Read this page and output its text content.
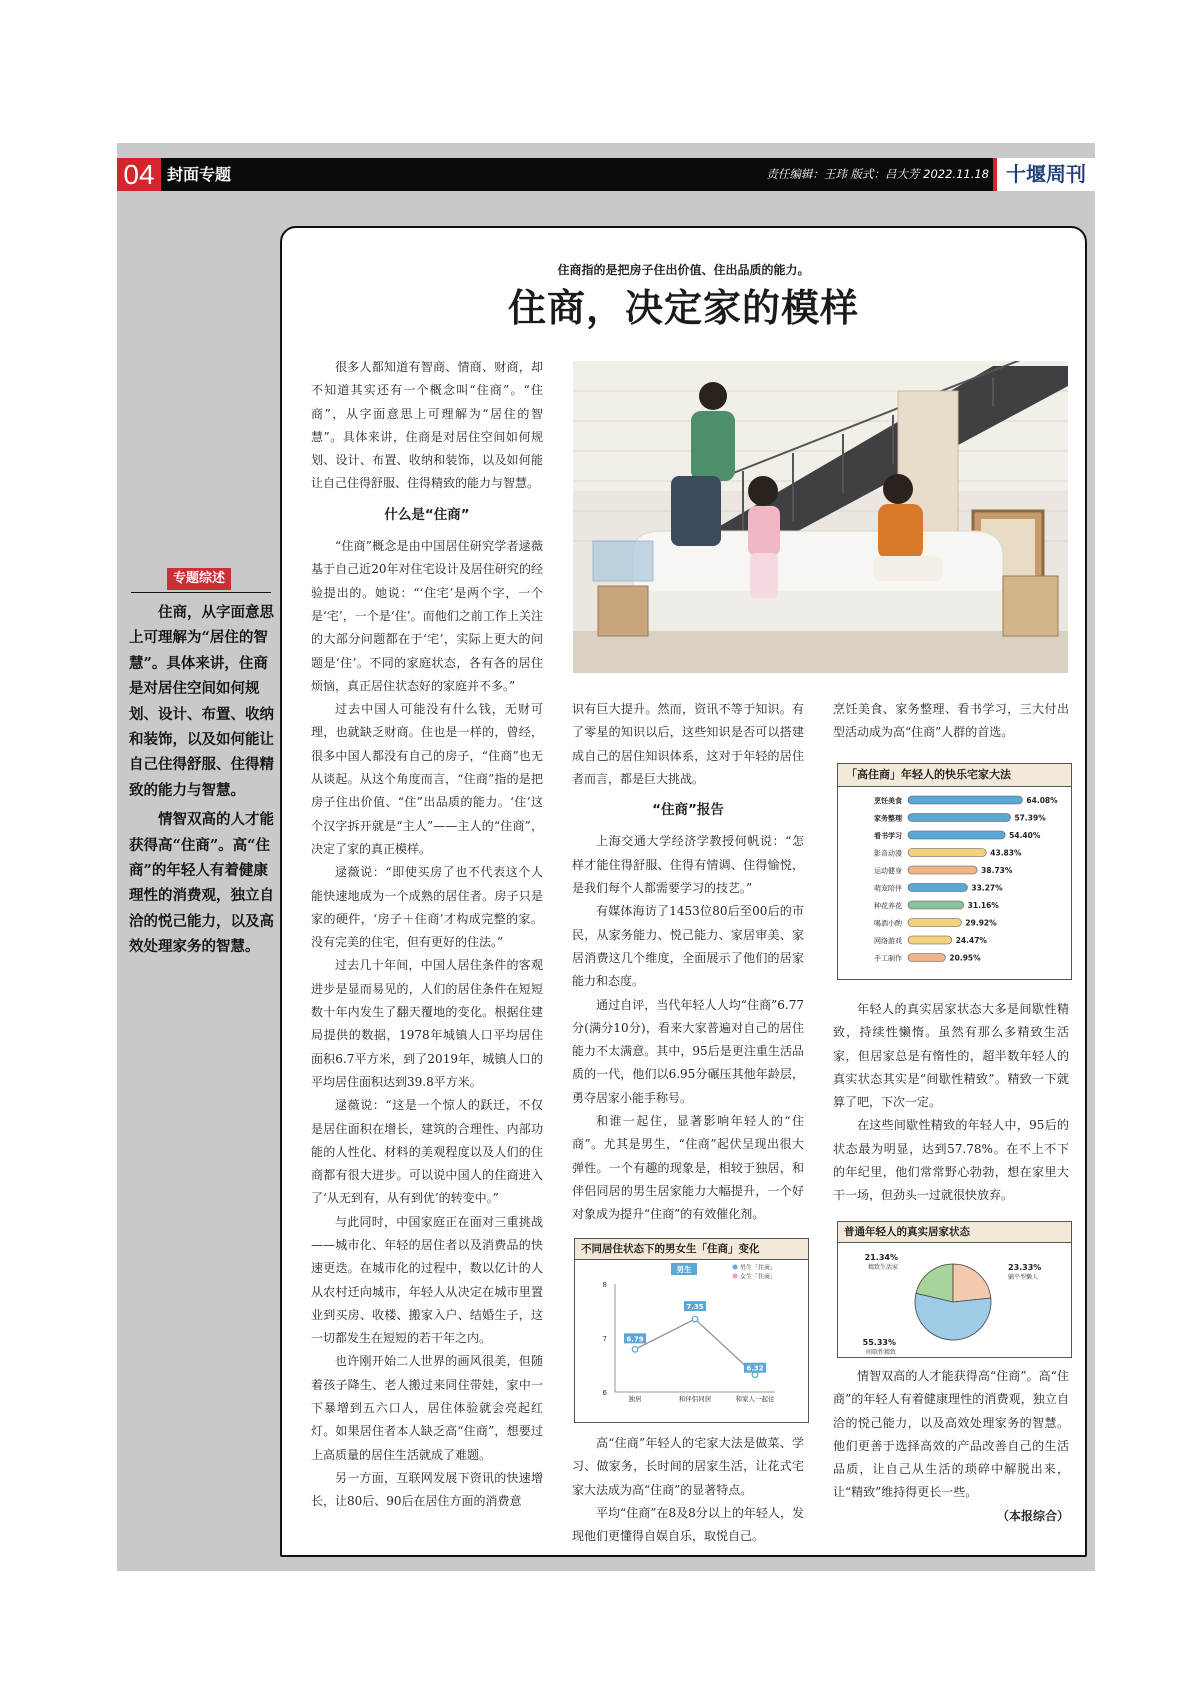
04 封面专题	责任编辑：王玮 版式：吕大芳 2022.11.18 十堰周刊
专题综述

住商，从字面意思上可理解为“居住的智慧”。具体来讲，住商是对居住空间如何规划、设计、布置、收纳和装饰，以及如何能让自己住得舒服、住得精致的能力与智慧。

情智双高的人才能获得高“住商”。高“住商”的年轻人有着健康理性的消费观，独立自洽的悦己能力，以及高效处理家务的智慧。

住商指的是把房子住出价值、住出品质的能力。
住商，决定家的模样

很多人都知道有智商、情商、财商，却不知道其实还有一个概念叫“住商”。“住商”，从字面意思上可理解为“居住的智慧”。具体来讲，住商是对居住空间如何规划、设计、布置、收纳和装饰，以及如何能让自己住得舒服、住得精致的能力与智慧。

什么是“住商”

“住商”概念是由中国居住研究学者逯薇基于自己近20年对住宅设计及居住研究的经验提出的。她说：“‘住宅’是两个字，一个是‘宅’，一个是‘住’。而他们之前工作上关注的大部分问题都在于‘宅’，实际上更大的问题是‘住’。不同的家庭状态，各有各的居住烦恼，真正居住状态好的家庭并不多。”

过去中国人可能没有什么钱，无财可理，也就缺乏财商。住也是一样的，曾经，很多中国人都没有自己的房子，“住商”也无从谈起。从这个角度而言，“住商”指的是把房子住出价值、“住”出品质的能力。‘住’这个汉字拆开就是“主人”——主人的“住商”，决定了家的真正模样。

逯薇说：“即使买房了也不代表这个人能快速地成为一个成熟的居住者。房子只是家的硬件，‘房子＋住商’才构成完整的家。没有完美的住宅，但有更好的住法。”

过去几十年间，中国人居住条件的客观进步是显而易见的，人们的居住条件在短短数十年内发生了翻天覆地的变化。根据住建局提供的数据，1978年城镇人口平均居住面积6.7平方米，到了2019年，城镇人口的平均居住面积达到39.8平方米。

逯薇说：“这是一个惊人的跃迁，不仅是居住面积在增长，建筑的合理性、内部功能的人性化、材料的美观程度以及人们的住商都有很大进步。可以说中国人的住商进入了‘从无到有，从有到优’的转变中。”

与此同时，中国家庭正在面对三重挑战——城市化、年轻的居住者以及消费品的快速更迭。在城市化的过程中，数以亿计的人从农村迁向城市，年轻人从决定在城市里置业到买房、收楼、搬家入户、结婚生子，这一切都发生在短短的若干年之内。

也许刚开始二人世界的画风很美，但随着孩子降生、老人搬过来同住带娃，家中一下暴增到五六口人，居住体验就会亮起红灯。如果居住者本人缺乏高“住商”，想要过上高质量的居住生活就成了难题。

另一方面，互联网发展下资讯的快速增长，让80后、90后在居住方面的消费意

识有巨大提升。然而，资讯不等于知识。有了零星的知识以后，这些知识是否可以搭建成自己的居住知识体系，这对于年轻的居住者而言，都是巨大挑战。

“住商”报告

上海交通大学经济学教授何帆说：“怎样才能住得舒服、住得有情调、住得愉悦，是我们每个人都需要学习的技艺。”

有媒体海访了1453位80后至00后的市民，从家务能力、悦己能力、家居审美、家居消费这几个维度，全面展示了他们的居家能力和态度。

通过自评，当代年轻人人均“住商”6.77分(满分10分)，看来大家普遍对自己的居住能力不太满意。其中，95后是更注重生活品质的一代，他们以6.95分碾压其他年龄层，勇夺居家小能手称号。

和谁一起住，显著影响年轻人的“住商”。尤其是男生，“住商”起伏呈现出很大弹性。一个有趣的现象是，相较于独居，和伴侣同居的男生居家能力大幅提升，一个好对象成为提升“住商”的有效催化剂。

不同居住状态下的男女生「住商」变化
8
7
6
男生	男生「住商」
女生「住商」
6.79
独居
7.35
和伴侣同居
6.32
和家人一起住

高“住商”年轻人的宅家大法是做菜、学习、做家务，长时间的居家生活，让花式宅家大法成为高“住商”的显著特点。

平均“住商”在8及8分以上的年轻人，发现他们更懂得自娱自乐，取悦自己。

烹饪美食、家务整理、看书学习，三大付出型活动成为高“住商”人群的首选。

「高住商」年轻人的快乐宅家大法
烹饪美食	64.08%
家务整理	57.39%
看书学习	54.40%
影音动漫	43.83%
运动健身	38.73%
萌宠陪伴	33.27%
种花养花	31.16%
喝酒小酌	29.92%
网络游戏	24.47%
手工制作	20.95%

年轻人的真实居家状态大多是间歇性精致，持续性懒惰。虽然有那么多精致生活家，但居家总是有惰性的，超半数年轻人的真实状态其实是“间歇性精致”。精致一下就算了吧，下次一定。

在这些间歇性精致的年轻人中，95后的状态最为明显，达到57.78%。在不上不下的年纪里，他们常常野心勃勃，想在家里大干一场，但劲头一过就很快放弃。

普通年轻人的真实居家状态
21.34%
精致生活家	23.33%
躺平型懒人
55.33%
间歇性精致

情智双高的人才能获得高“住商”。高“住商”的年轻人有着健康理性的消费观，独立自洽的悦己能力，以及高效处理家务的智慧。他们更善于选择高效的产品改善自己的生活品质，让自己从生活的琐碎中解脱出来，让“精致”维持得更长一些。

（本报综合）
